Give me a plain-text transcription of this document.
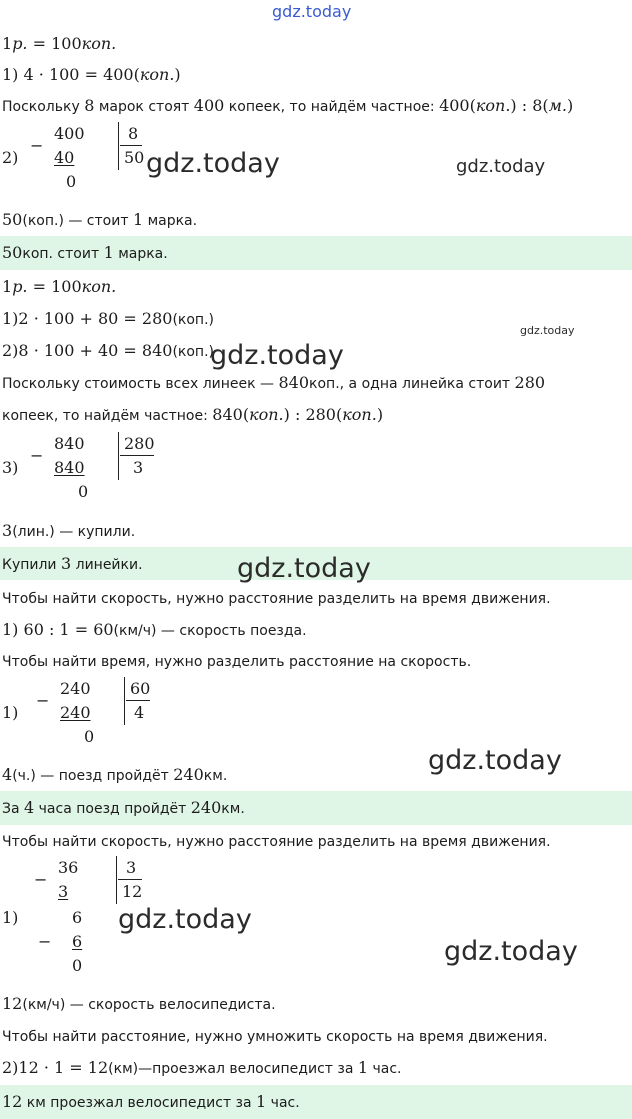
1р. = 100коп.
1) 4 · 100 = 400(коп.)
Поскольку 8 марок стоят 400 копеек, то найдём частное: 400(коп.) : 8(м.)
2)
−
400
40
0
8
50
50(коп.) — стоит 1 марка.
50коп. стоит 1 марка.
1р. = 100коп.
1)2 · 100 + 80 = 280(коп.)
2)8 · 100 + 40 = 840(коп.)
Поскольку стоимость всех линеек — 840коп., а одна линейка стоит 280
копеек, то найдём частное: 840(коп.) : 280(коп.)
3)
−
840
840
0
280
3
3(лин.) — купили.
Купили 3 линейки.
Чтобы найти скорость, нужно расстояние разделить на время движения.
1) 60 : 1 = 60(км/ч) — скорость поезда.
Чтобы найти время, нужно разделить расстояние на скорость.
1)
−
240
240
0
60
4
4(ч.) — поезд пройдёт 240км.
За 4 часа поезд пройдёт 240км.
Чтобы найти скорость, нужно расстояние разделить на время движения.
1)
−
36
3
6
− 6
0
3
12
12(км/ч) — скорость велосипедиста.
Чтобы найти расстояние, нужно умножить скорость на время движения.
2)12 · 1 = 12(км)—проезжал велосипедист за 1 час.
12 км проезжал велосипедист за 1 час.
gdz.today
gdz.today	gdz.today
gdz.today
gdz.today
gdz.today
gdz.today
gdz.today
gdz.today
